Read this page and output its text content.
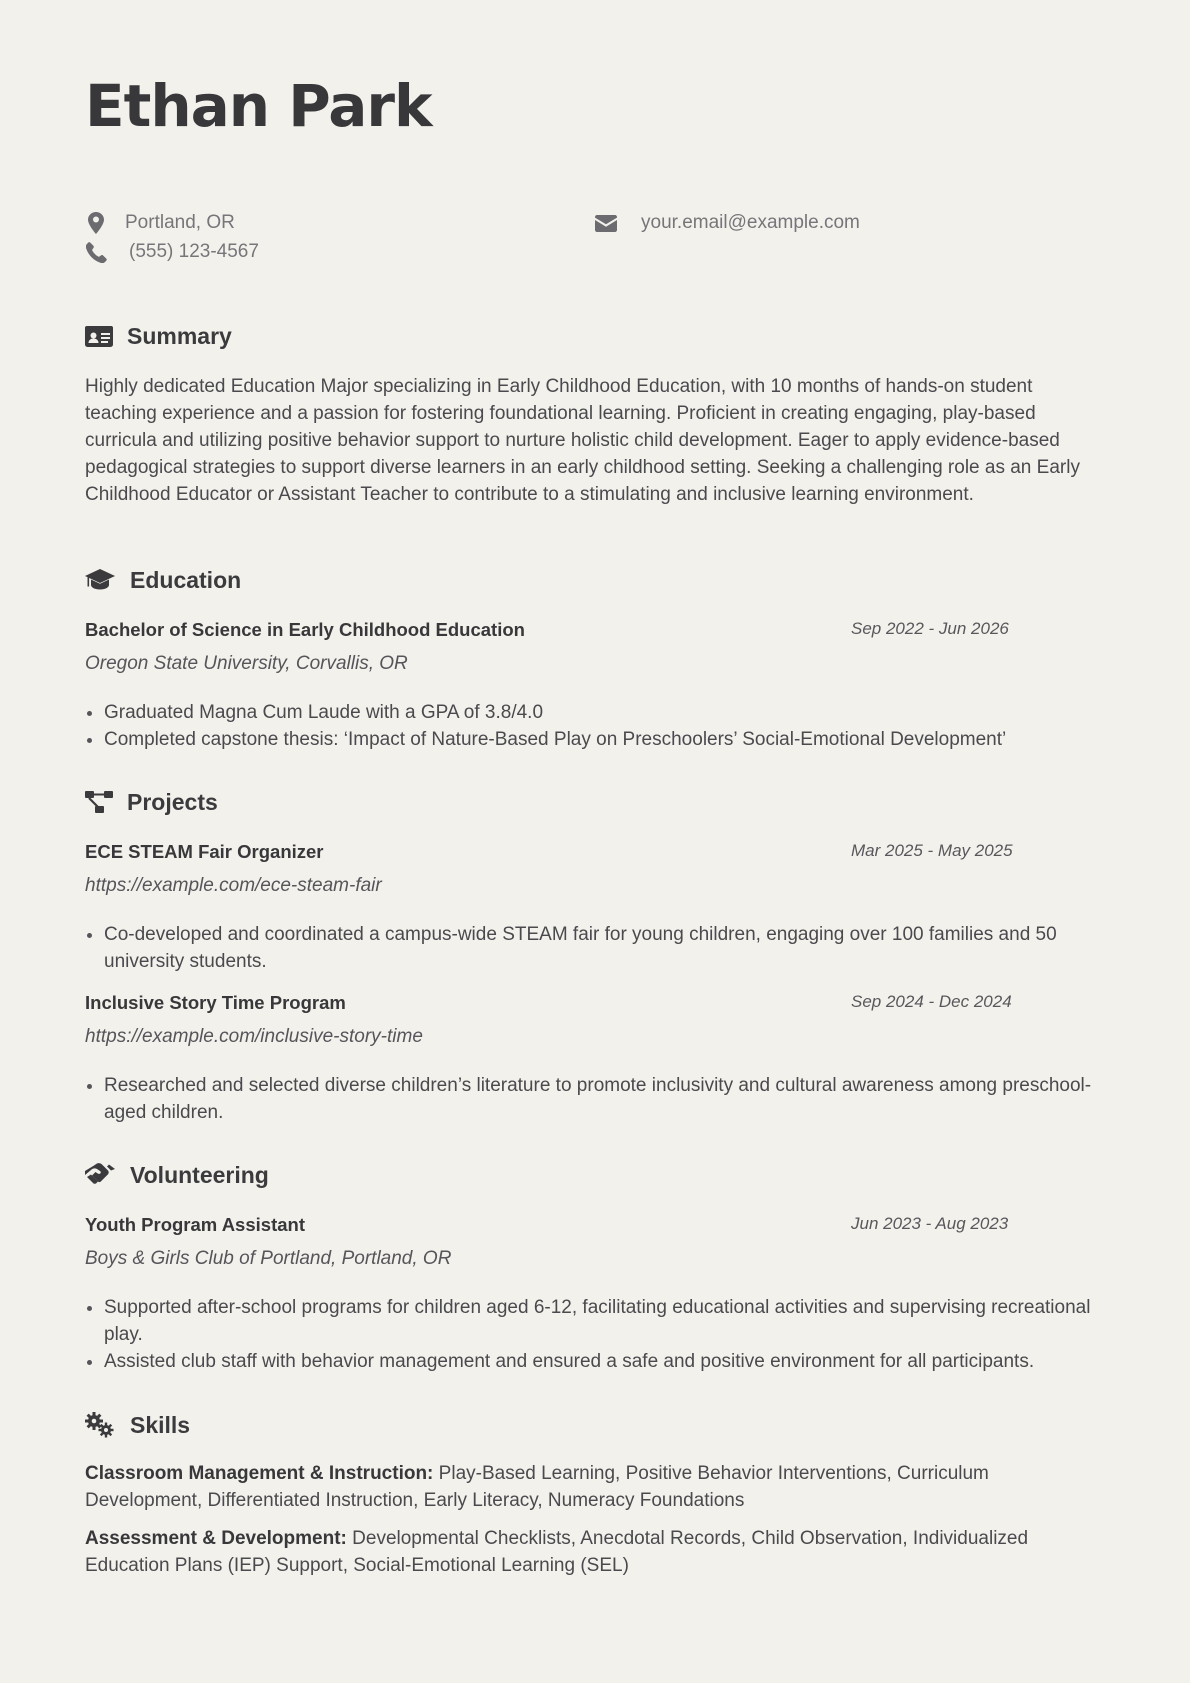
Ethan Park
Portland, OR
(555) 123-4567
your.email@example.com
Summary
Highly dedicated Education Major specializing in Early Childhood Education, with 10 months of hands-on student teaching experience and a passion for fostering foundational learning. Proficient in creating engaging, play-based curricula and utilizing positive behavior support to nurture holistic child development. Eager to apply evidence-based pedagogical strategies to support diverse learners in an early childhood setting. Seeking a challenging role as an Early Childhood Educator or Assistant Teacher to contribute to a stimulating and inclusive learning environment.
Education
Bachelor of Science in Early Childhood Education	Sep 2022 - Jun 2026
Oregon State University, Corvallis, OR
Graduated Magna Cum Laude with a GPA of 3.8/4.0
Completed capstone thesis: ‘Impact of Nature-Based Play on Preschoolers’ Social-Emotional Development’
Projects
ECE STEAM Fair Organizer	Mar 2025 - May 2025
https://example.com/ece-steam-fair
Co-developed and coordinated a campus-wide STEAM fair for young children, engaging over 100 families and 50 university students.
Inclusive Story Time Program	Sep 2024 - Dec 2024
https://example.com/inclusive-story-time
Researched and selected diverse children’s literature to promote inclusivity and cultural awareness among preschool-aged children.
Volunteering
Youth Program Assistant	Jun 2023 - Aug 2023
Boys & Girls Club of Portland, Portland, OR
Supported after-school programs for children aged 6-12, facilitating educational activities and supervising recreational play.
Assisted club staff with behavior management and ensured a safe and positive environment for all participants.
Skills
Classroom Management & Instruction: Play-Based Learning, Positive Behavior Interventions, Curriculum Development, Differentiated Instruction, Early Literacy, Numeracy Foundations
Assessment & Development: Developmental Checklists, Anecdotal Records, Child Observation, Individualized Education Plans (IEP) Support, Social-Emotional Learning (SEL)
